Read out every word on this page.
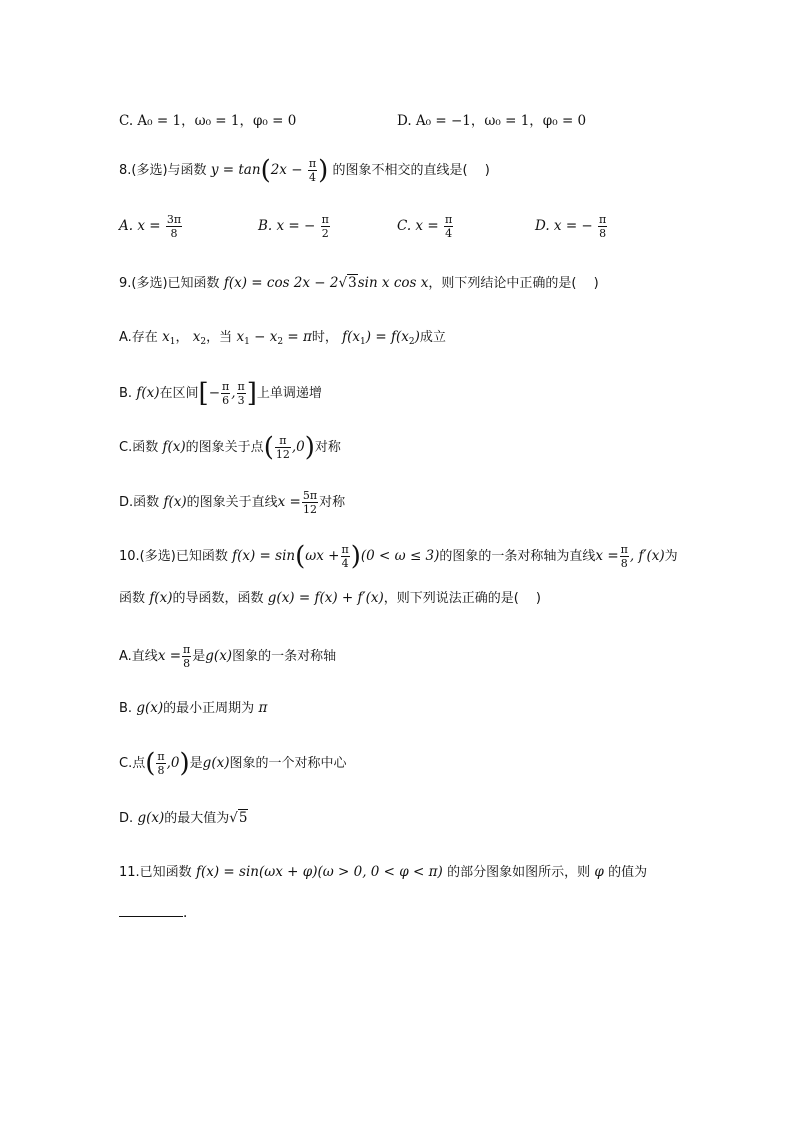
C. A₀ = 1，ω₀ = 1，φ₀ = 0	D. A₀ = −1，ω₀ = 1，φ₀ = 0
8.(多选)与函数 $y = \tan(2x - \frac{\pi}{4}$ ) 的图象不相交的直线是(　 )
A. $x = \frac{3\pi}{8}$	B. x = − $\frac{\pi}{2}$	C. $x = \frac{\pi}{4}$	D. x = − $\frac{\pi}{8}$
9.(多选)已知函数 f(x) = cos 2x − 2√3sin x cos x，则下列结论中正确的是(　 )
A.存在 $x_1$， $x_2$，当 $x_1 - x_2 = \pi$时， $f(x_1) = f(x_2)$成立
B. f(x)在区间[− $\frac{\pi}{6}$ , $\frac{\pi}{3}$ ]上单调递增
C.函数 f(x)的图象关于点( $\frac{\pi}{12} ,0$)对称
D.函数 f(x)的图象关于直线$x = \frac{5\pi}{12}$ 对称
10.(多选)已知函数 $f(x) = \sin(\omega x + \frac{\pi}{4} )(0 < \omega \le 3)$的图象的一条对称轴为直线$x = \frac{\pi}{8}$ , f′(x)为
函数 f(x)的导函数，函数 g(x) = f(x) + f′(x)，则下列说法正确的是(　 )
A.直线$x = \frac{\pi}{8}$ 是g(x)图象的一条对称轴
B. g(x)的最小正周期为 π
C.点( $\frac{\pi}{8} ,0$)是g(x)图象的一个对称中心
D. g(x)的最大值为√5
11.已知函数 f(x) = sin(ωx + φ)(ω > 0, 0 < φ < π) 的部分图象如图所示，则 φ 的值为
.
